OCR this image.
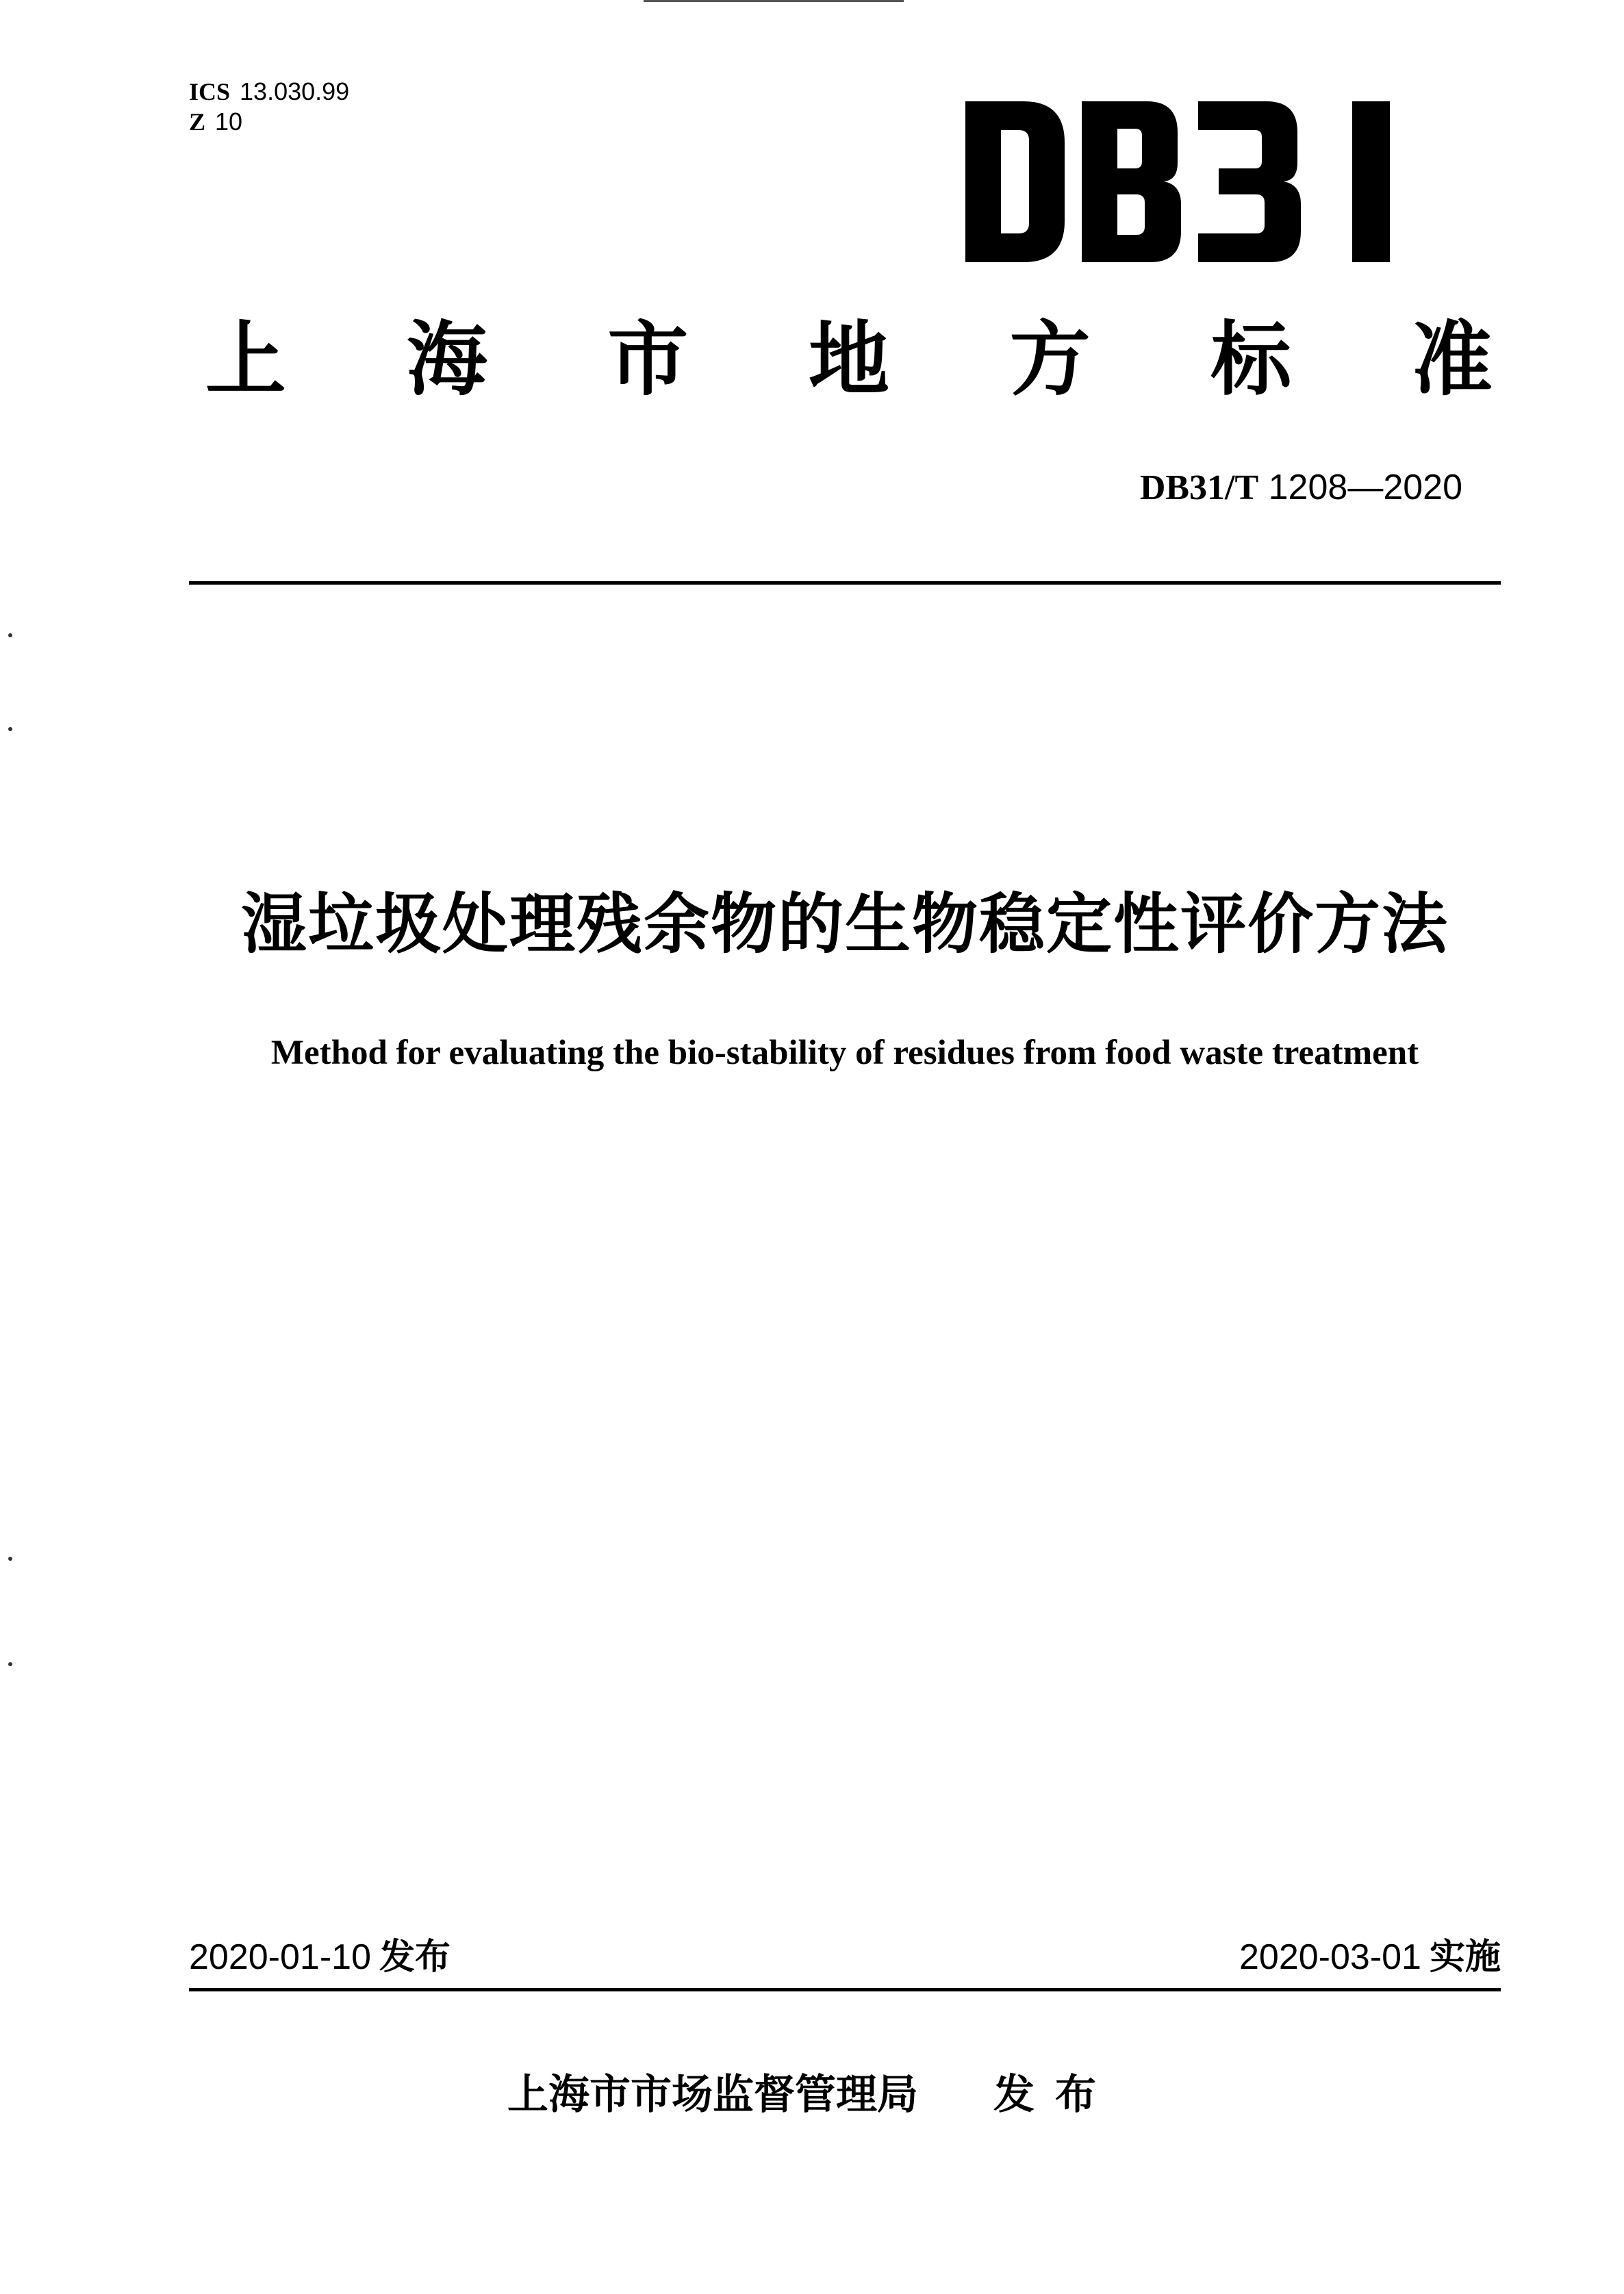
ICS 13.030.99
Z 10
上 海 市 地 方 标 准
DB31/T 1208—2020
湿垃圾处理残余物的生物稳定性评价方法
Method for evaluating the bio-stability of residues from food waste treatment
2020-01-10 发布	2020-03-01 实施
上海市市场监督管理局 发布
